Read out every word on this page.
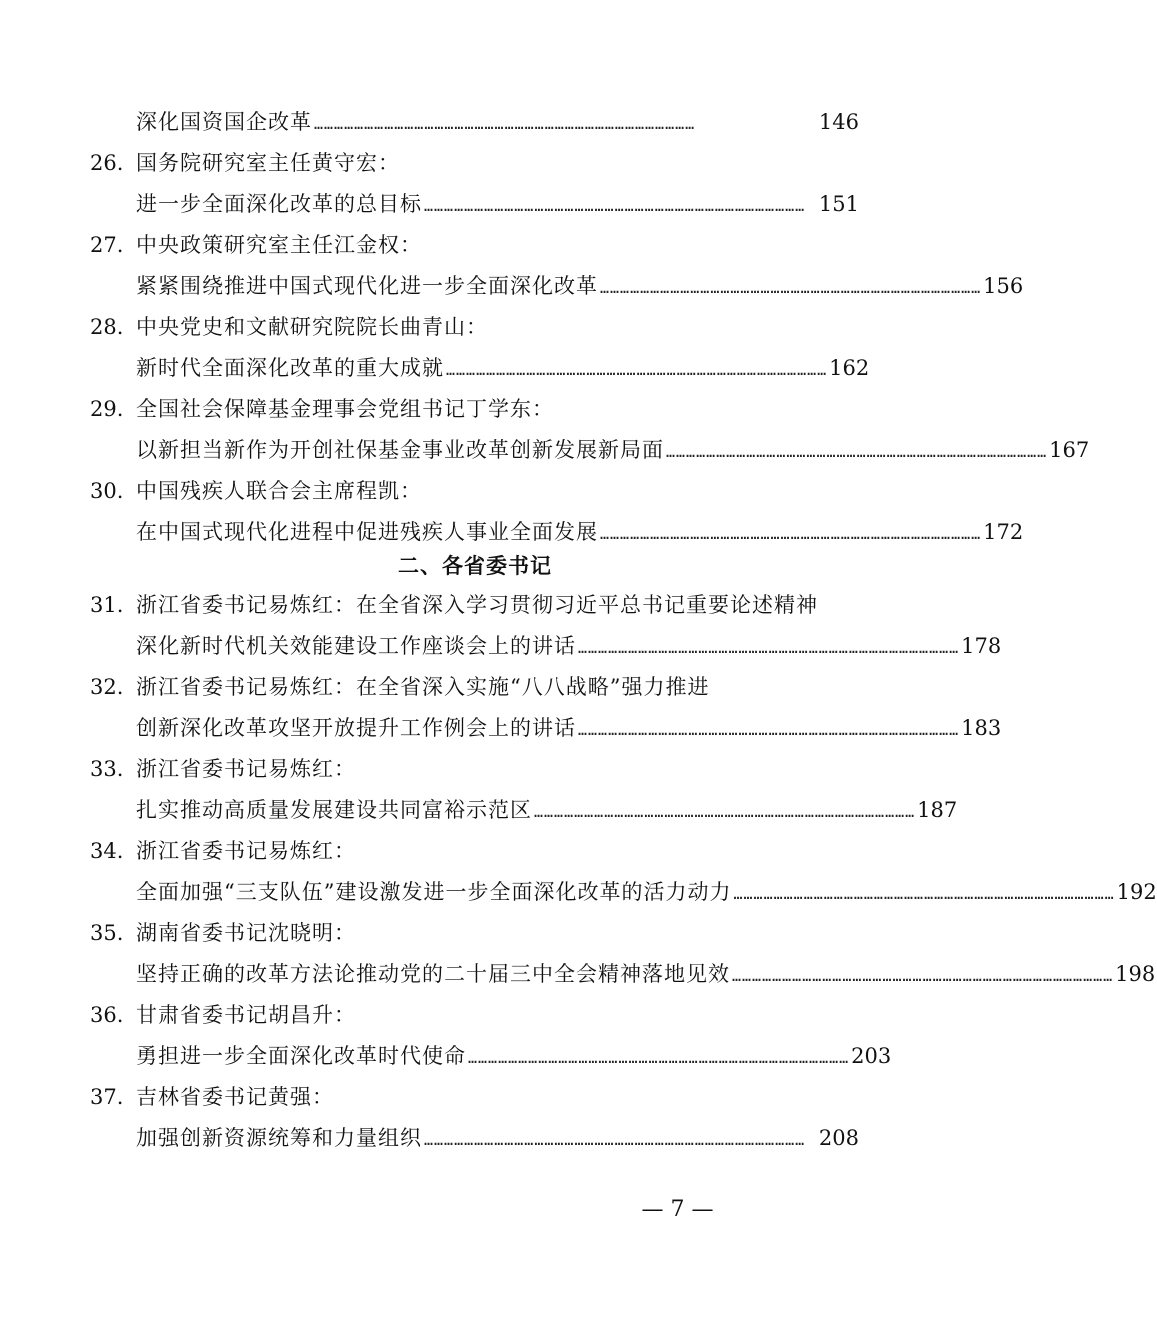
深化国资国企改革 ……………………………………………………………………………………………………	146
26. 国务院研究室主任黄守宏：
进一步全面深化改革的总目标 …………………………………………………………………………………………………… 151
27. 中央政策研究室主任江金权：
紧紧围绕推进中国式现代化进一步全面深化改革 …………………………………………………………………………………………………… 156
28. 中央党史和文献研究院院长曲青山：
新时代全面深化改革的重大成就 …………………………………………………………………………………………………… 162
29. 全国社会保障基金理事会党组书记丁学东：
以新担当新作为开创社保基金事业改革创新发展新局面 …………………………………………………………………………………………………… 167
30. 中国残疾人联合会主席程凯：
在中国式现代化进程中促进残疾人事业全面发展 …………………………………………………………………………………………………… 172
二、各省委书记
31. 浙江省委书记易炼红：在全省深入学习贯彻习近平总书记重要论述精神
深化新时代机关效能建设工作座谈会上的讲话 …………………………………………………………………………………………………… 178
32. 浙江省委书记易炼红：在全省深入实施“八八战略”强力推进
创新深化改革攻坚开放提升工作例会上的讲话 …………………………………………………………………………………………………… 183
33. 浙江省委书记易炼红：
扎实推动高质量发展建设共同富裕示范区 …………………………………………………………………………………………………… 187
34. 浙江省委书记易炼红：
全面加强“三支队伍”建设激发进一步全面深化改革的活力动力 …………………………………………………………………………………………………… 192
35. 湖南省委书记沈晓明：
坚持正确的改革方法论推动党的二十届三中全会精神落地见效 …………………………………………………………………………………………………… 198
36. 甘肃省委书记胡昌升：
勇担进一步全面深化改革时代使命 …………………………………………………………………………………………………… 203
37. 吉林省委书记黄强：
加强创新资源统筹和力量组织 …………………………………………………………………………………………………… 208
— 7 —
